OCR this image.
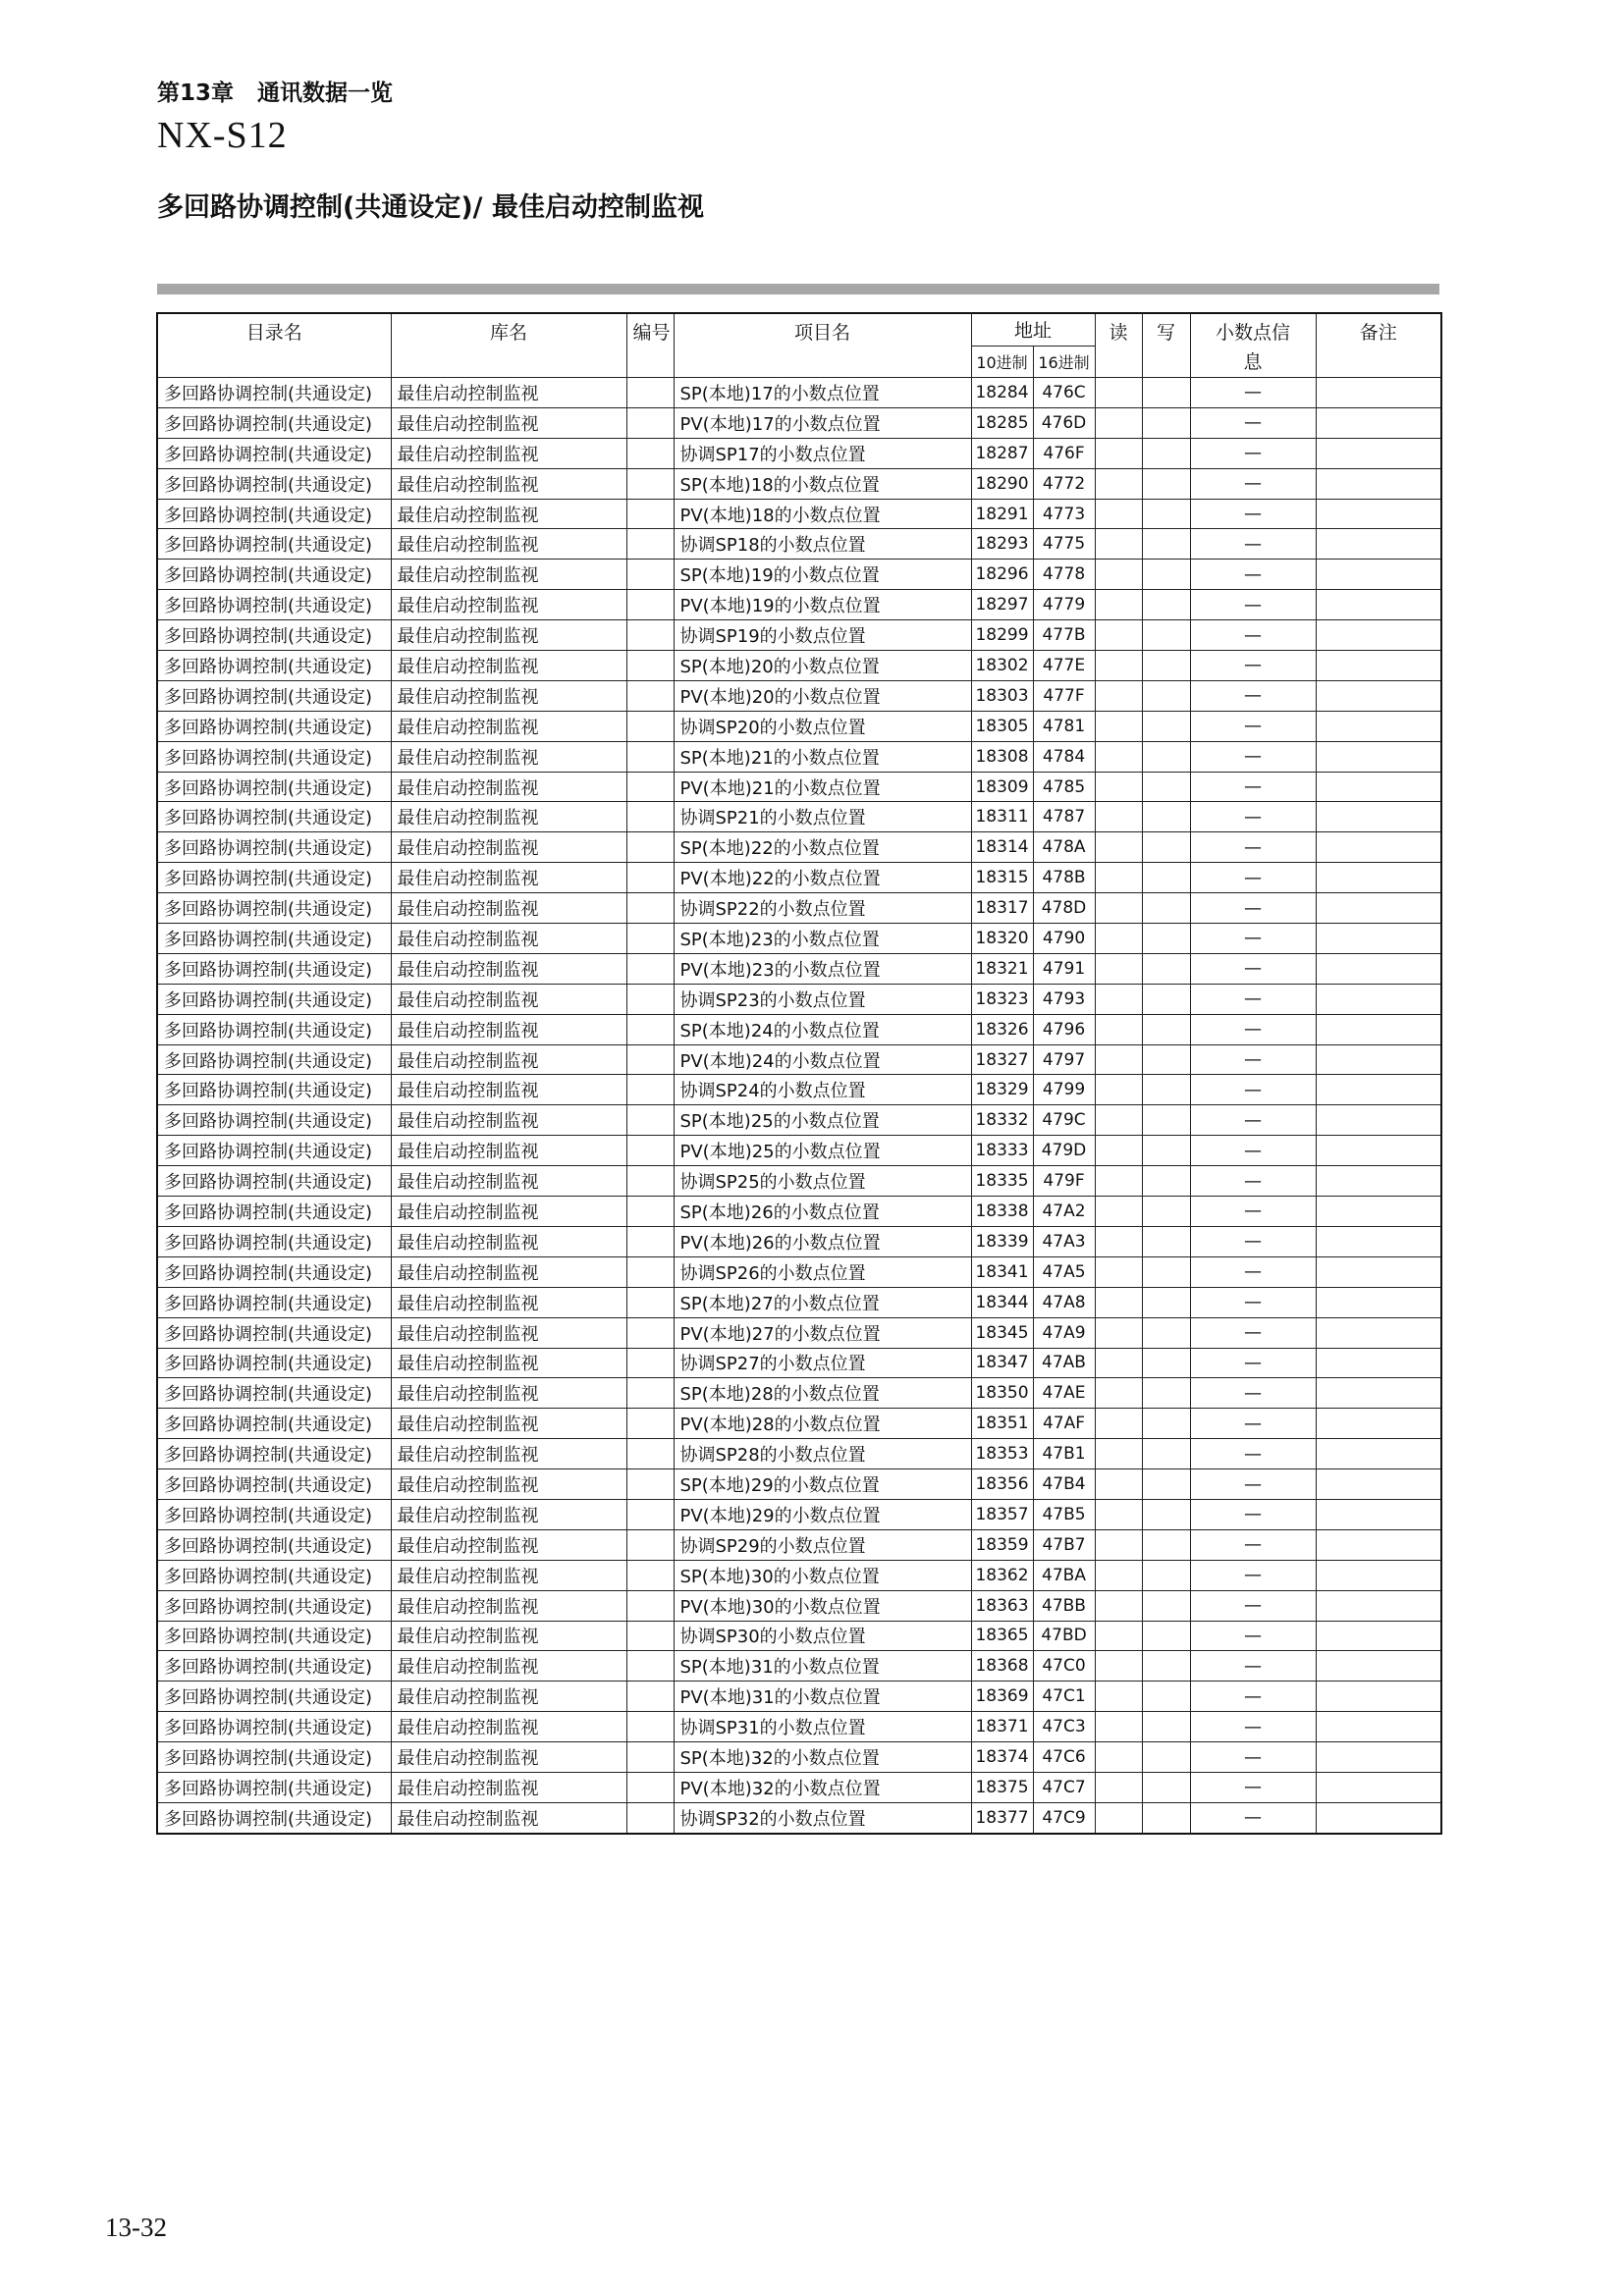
第13章 通讯数据一览
NX-S12
多回路协调控制(共通设定)/ 最佳启动控制监视
目录名	库名	编号	项目名	地址		读	写	小数点信息	备注
				10进制	16进制				
多回路协调控制(共通设定)	最佳启动控制监视		SP(本地)17的小数点位置	18284	476C			—	
多回路协调控制(共通设定)	最佳启动控制监视		PV(本地)17的小数点位置	18285	476D			—	
多回路协调控制(共通设定)	最佳启动控制监视		协调SP17的小数点位置	18287	476F			—	
多回路协调控制(共通设定)	最佳启动控制监视		SP(本地)18的小数点位置	18290	4772			—	
多回路协调控制(共通设定)	最佳启动控制监视		PV(本地)18的小数点位置	18291	4773			—	
多回路协调控制(共通设定)	最佳启动控制监视		协调SP18的小数点位置	18293	4775			—	
多回路协调控制(共通设定)	最佳启动控制监视		SP(本地)19的小数点位置	18296	4778			—	
多回路协调控制(共通设定)	最佳启动控制监视		PV(本地)19的小数点位置	18297	4779			—	
多回路协调控制(共通设定)	最佳启动控制监视		协调SP19的小数点位置	18299	477B			—	
多回路协调控制(共通设定)	最佳启动控制监视		SP(本地)20的小数点位置	18302	477E			—	
多回路协调控制(共通设定)	最佳启动控制监视		PV(本地)20的小数点位置	18303	477F			—	
多回路协调控制(共通设定)	最佳启动控制监视		协调SP20的小数点位置	18305	4781			—	
多回路协调控制(共通设定)	最佳启动控制监视		SP(本地)21的小数点位置	18308	4784			—	
多回路协调控制(共通设定)	最佳启动控制监视		PV(本地)21的小数点位置	18309	4785			—	
多回路协调控制(共通设定)	最佳启动控制监视		协调SP21的小数点位置	18311	4787			—	
多回路协调控制(共通设定)	最佳启动控制监视		SP(本地)22的小数点位置	18314	478A			—	
多回路协调控制(共通设定)	最佳启动控制监视		PV(本地)22的小数点位置	18315	478B			—	
多回路协调控制(共通设定)	最佳启动控制监视		协调SP22的小数点位置	18317	478D			—	
多回路协调控制(共通设定)	最佳启动控制监视		SP(本地)23的小数点位置	18320	4790			—	
多回路协调控制(共通设定)	最佳启动控制监视		PV(本地)23的小数点位置	18321	4791			—	
多回路协调控制(共通设定)	最佳启动控制监视		协调SP23的小数点位置	18323	4793			—	
多回路协调控制(共通设定)	最佳启动控制监视		SP(本地)24的小数点位置	18326	4796			—	
多回路协调控制(共通设定)	最佳启动控制监视		PV(本地)24的小数点位置	18327	4797			—	
多回路协调控制(共通设定)	最佳启动控制监视		协调SP24的小数点位置	18329	4799			—	
多回路协调控制(共通设定)	最佳启动控制监视		SP(本地)25的小数点位置	18332	479C			—	
多回路协调控制(共通设定)	最佳启动控制监视		PV(本地)25的小数点位置	18333	479D			—	
多回路协调控制(共通设定)	最佳启动控制监视		协调SP25的小数点位置	18335	479F			—	
多回路协调控制(共通设定)	最佳启动控制监视		SP(本地)26的小数点位置	18338	47A2			—	
多回路协调控制(共通设定)	最佳启动控制监视		PV(本地)26的小数点位置	18339	47A3			—	
多回路协调控制(共通设定)	最佳启动控制监视		协调SP26的小数点位置	18341	47A5			—	
多回路协调控制(共通设定)	最佳启动控制监视		SP(本地)27的小数点位置	18344	47A8			—	
多回路协调控制(共通设定)	最佳启动控制监视		PV(本地)27的小数点位置	18345	47A9			—	
多回路协调控制(共通设定)	最佳启动控制监视		协调SP27的小数点位置	18347	47AB			—	
多回路协调控制(共通设定)	最佳启动控制监视		SP(本地)28的小数点位置	18350	47AE			—	
多回路协调控制(共通设定)	最佳启动控制监视		PV(本地)28的小数点位置	18351	47AF			—	
多回路协调控制(共通设定)	最佳启动控制监视		协调SP28的小数点位置	18353	47B1			—	
多回路协调控制(共通设定)	最佳启动控制监视		SP(本地)29的小数点位置	18356	47B4			—	
多回路协调控制(共通设定)	最佳启动控制监视		PV(本地)29的小数点位置	18357	47B5			—	
多回路协调控制(共通设定)	最佳启动控制监视		协调SP29的小数点位置	18359	47B7			—	
多回路协调控制(共通设定)	最佳启动控制监视		SP(本地)30的小数点位置	18362	47BA			—	
多回路协调控制(共通设定)	最佳启动控制监视		PV(本地)30的小数点位置	18363	47BB			—	
多回路协调控制(共通设定)	最佳启动控制监视		协调SP30的小数点位置	18365	47BD			—	
多回路协调控制(共通设定)	最佳启动控制监视		SP(本地)31的小数点位置	18368	47C0			—	
多回路协调控制(共通设定)	最佳启动控制监视		PV(本地)31的小数点位置	18369	47C1			—	
多回路协调控制(共通设定)	最佳启动控制监视		协调SP31的小数点位置	18371	47C3			—	
多回路协调控制(共通设定)	最佳启动控制监视		SP(本地)32的小数点位置	18374	47C6			—	
多回路协调控制(共通设定)	最佳启动控制监视		PV(本地)32的小数点位置	18375	47C7			—	
多回路协调控制(共通设定)	最佳启动控制监视		协调SP32的小数点位置	18377	47C9			—	
13-32
